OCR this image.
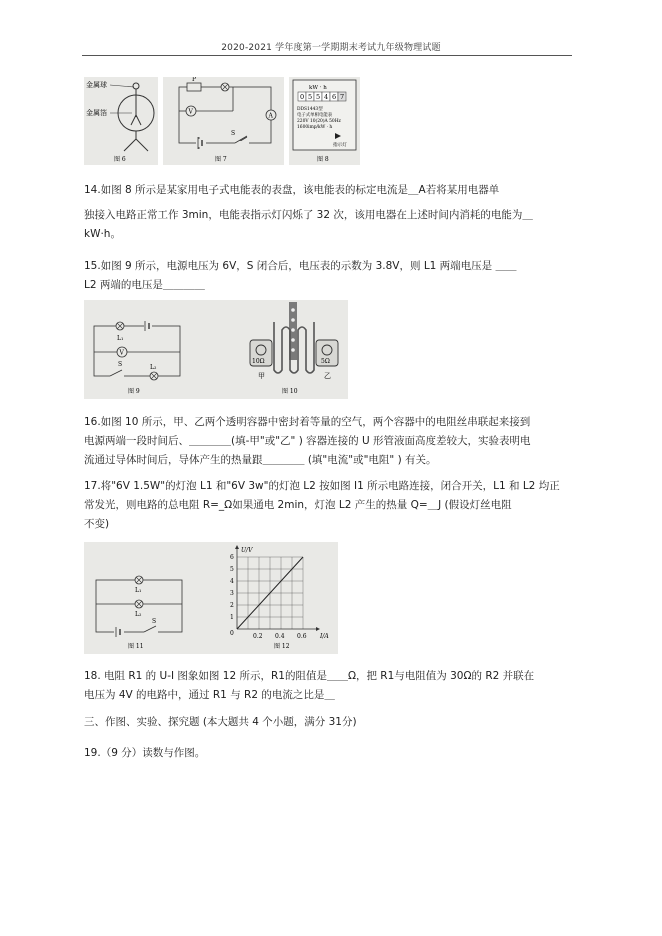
2020-2021 学年度第一学期期末考试九年级物理试题
金属球
金属箔
图 6
P
V
A
S
图 7
kW · h
0 5 5 4 6 7
DDS1443型
电子式单相电能表
220V 10(20)A 50Hz
1600imp/kW · h
指示灯
图 8
14.如图 8 所示是某家用电子式电能表的表盘，该电能表的标定电流是＿A若将某用电器单
独接入电路正常工作 3min，电能表指示灯闪烁了 32 次，该用电器在上述时间内消耗的电能为＿
kW·h。
15.如图 9 所示，电源电压为 6V，S 闭合后，电压表的示数为 3.8V，则 L1 两端电压是 ＿＿
L2 两端的电压是＿＿＿＿
L₁
V
S	L₂
图 9
10Ω	5Ω
甲	乙
图 10
16.如图 10 所示，甲、乙两个透明容器中密封着等量的空气，两个容器中的电阻丝串联起来接到
电源两端一段时间后、＿＿＿＿(填-甲"或"乙" ) 容器连接的 U 形管液面高度差较大，实验表明电
流通过导体时间后，导体产生的热量跟＿＿＿＿ (填"电流"或"电阻" ) 有关。
17.将"6V 1.5W"的灯泡 L1 和"6V 3w"的灯泡 L2 按如图 I1 所示电路连接，闭合开关，L1 和 L2 均正
常发光，则电路的总电阻 R=_Ω如果通电 2min，灯泡 L2 产生的热量 Q=＿J (假设灯丝电阻
不变)
L₁
L₂
S
图 11
U/V
I/A
0
1
2
3
4
5
6
0.2 0.4 0.6
图 12
18. 电阻 R1 的 U-I 图象如图 12 所示，R1的阻值是＿＿Ω，把 R1与电阻值为 30Ω的 R2 并联在
电压为 4V 的电路中，通过 R1 与 R2 的电流之比是＿
三、作图、实验、探究题 (本大题共 4 个小题，满分 31分)
19.（9 分）读数与作图。
